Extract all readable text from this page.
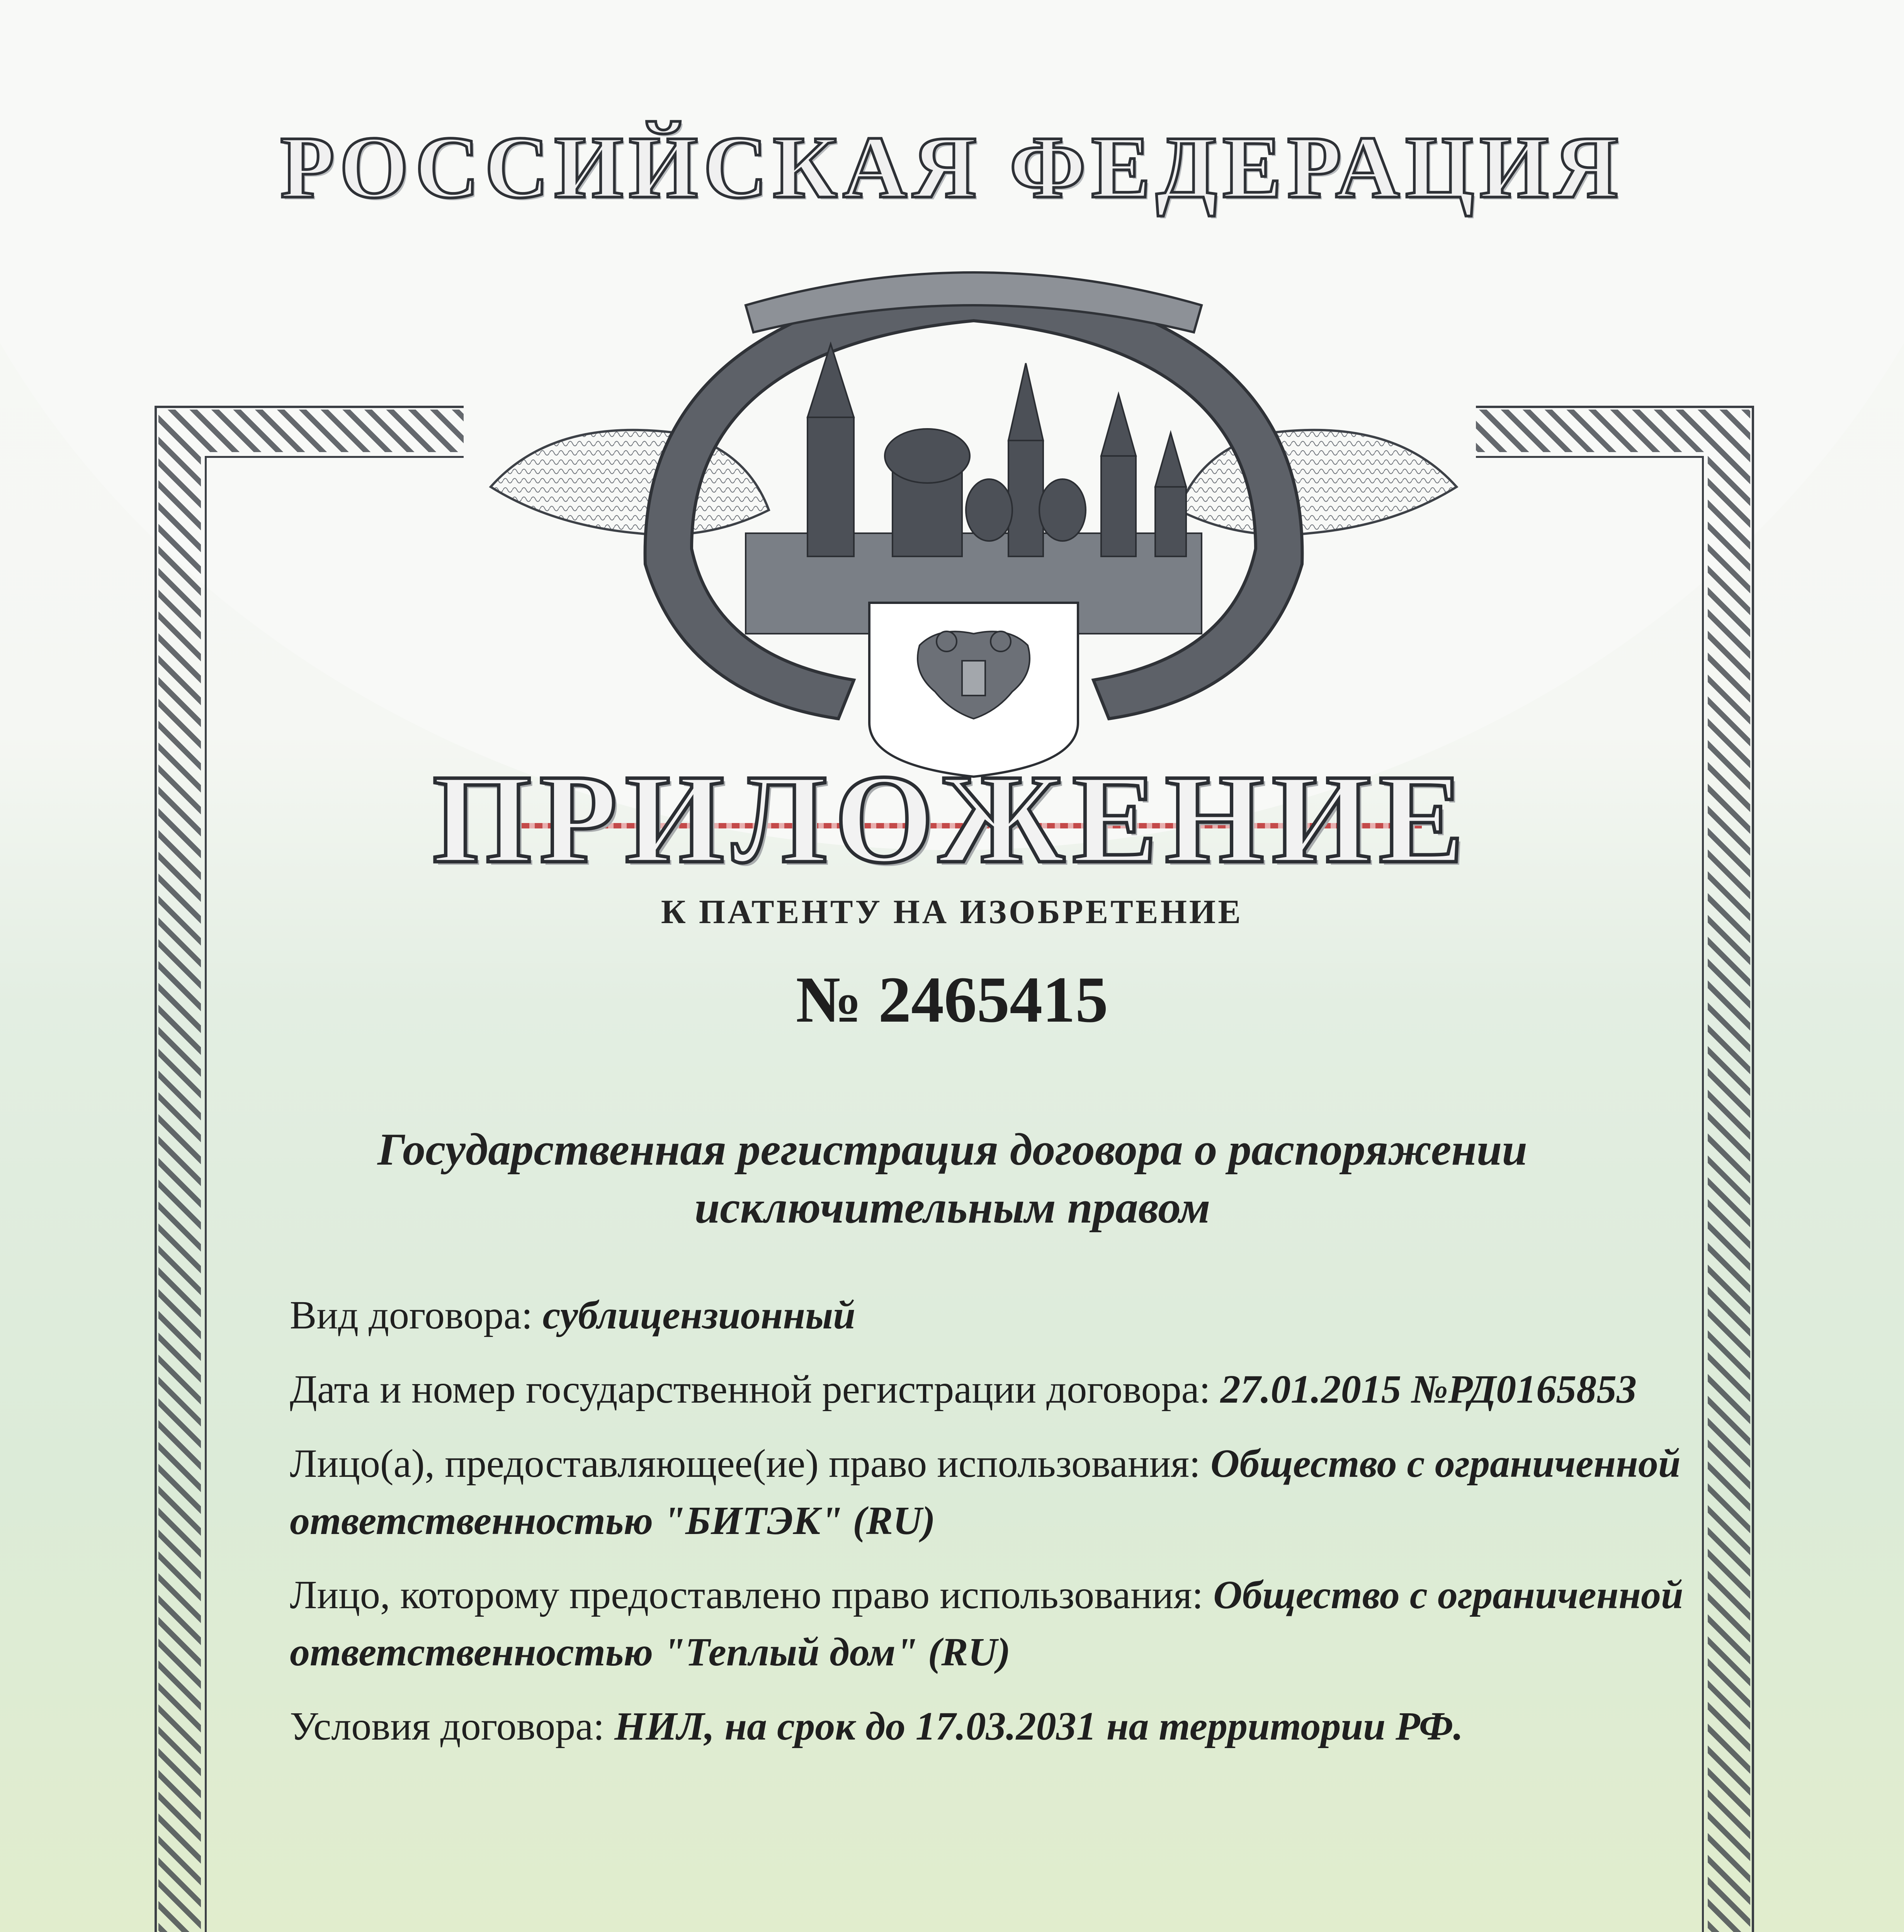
РОССИЙСКАЯ ФЕДЕРАЦИЯ
ПРИЛОЖЕНИЕ
К ПАТЕНТУ НА ИЗОБРЕТЕНИЕ
№ 2465415
Государственная регистрация договора о распоряжении
исключительным правом

Вид договора: сублицензионный

Дата и номер государственной регистрации договора: 27.01.2015 №РД0165853

Лицо(а), предоставляющее(ие) право использования: Общество с ограниченной ответственностью "БИТЭК" (RU)

Лицо, которому предоставлено право использования: Общество с ограниченной ответственностью "Теплый дом" (RU)

Условия договора: НИЛ, на срок до 17.03.2031 на территории РФ.
